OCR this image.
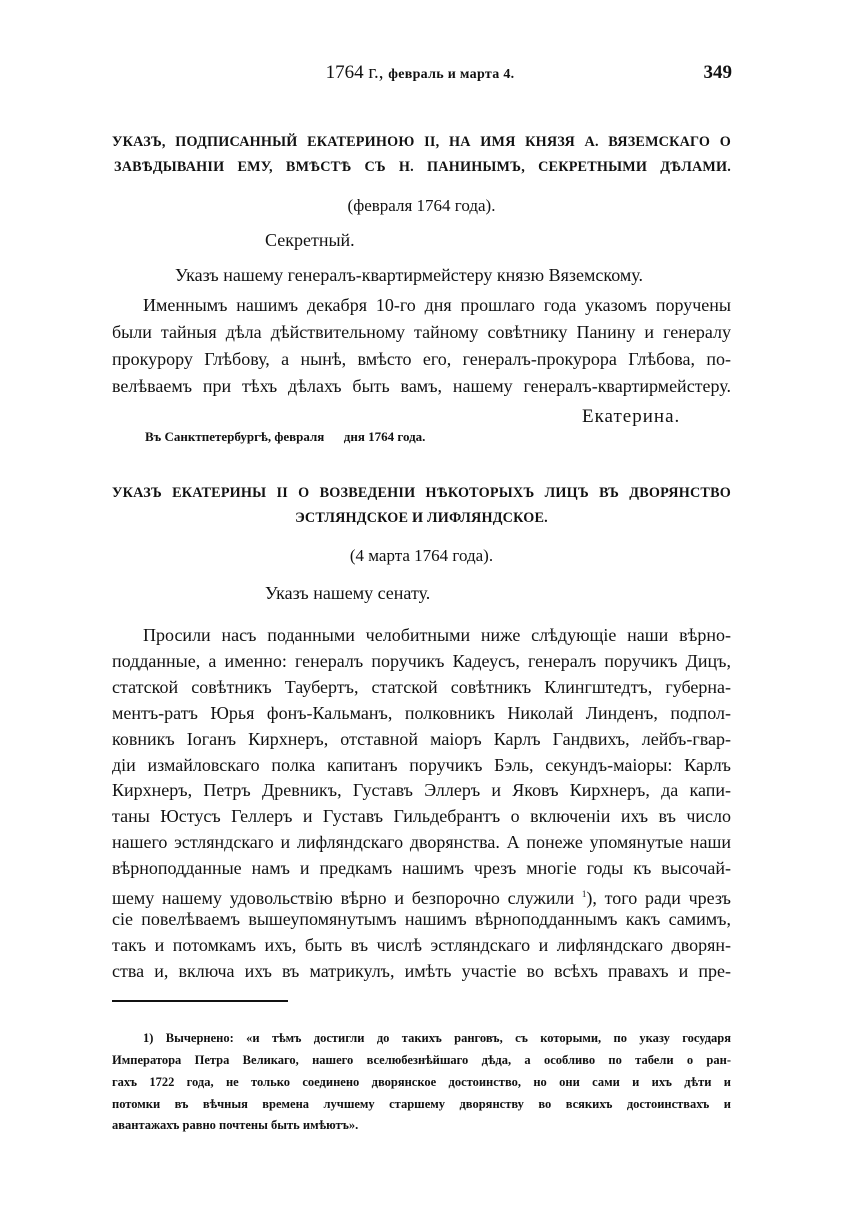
1764 г., февраль и марта 4.	349
УКАЗЪ, ПОДПИСАННЫЙ ЕКАТЕРИНОЮ II, НА ИМЯ КНЯЗЯ А. ВЯЗЕМСКАГО О
ЗАВѢДЫВАНІИ ЕМУ, ВМѢСТѢ СЪ Н. ПАНИНЫМЪ, СЕКРЕТНЫМИ ДѢЛАМИ.
(февраля 1764 года).
Секретный.
Указъ нашему генералъ-квартирмейстеру князю Вяземскому.
Именнымъ нашимъ декабря 10-го дня прошлаго года указомъ поручены
были тайныя дѣла дѣйствительному тайному совѣтнику Панину и генералу
прокурору Глѣбову, а нынѣ, вмѣсто его, генералъ-прокурора Глѣбова, по-
велѣваемъ при тѣхъ дѣлахъ быть вамъ, нашему генералъ-квартирмейстеру.
Екатерина.
Въ Санктпетербургѣ, февраля      дня 1764 года.
УКАЗЪ ЕКАТЕРИНЫ II О ВОЗВЕДЕНІИ НѢКОТОРЫХЪ ЛИЦЪ ВЪ ДВОРЯНСТВО
ЭСТЛЯНДСКОЕ И ЛИФЛЯНДСКОЕ.
(4 марта 1764 года).
Указъ нашему сенату.
Просили насъ поданными челобитными ниже слѣдующіе наши вѣрно-
подданные, а именно: генералъ поручикъ Кадеусъ, генералъ поручикъ Дицъ,
статской совѣтникъ Таубертъ, статской совѣтникъ Клингштедтъ, губерна-
ментъ-ратъ Юрья фонъ-Кальманъ, полковникъ Николай Линденъ, подпол-
ковникъ Іоганъ Кирхнеръ, отставной маіоръ Карлъ Гандвихъ, лейбъ-гвар-
діи измайловскаго полка капитанъ поручикъ Бэль, секундъ-маіоры: Карлъ
Кирхнеръ, Петръ Древникъ, Густавъ Эллеръ и Яковъ Кирхнеръ, да капи-
таны Юстусъ Геллеръ и Густавъ Гильдебрантъ о включеніи ихъ въ число
нашего эстляндскаго и лифляндскаго дворянства. А понеже упомянутые наши
вѣрноподданные намъ и предкамъ нашимъ чрезъ многіе годы къ высочай-
шему нашему удовольствію вѣрно и безпорочно служили $^1$), того ради чрезъ
сіе повелѣваемъ вышеупомянутымъ нашимъ вѣрноподданнымъ какъ самимъ,
такъ и потомкамъ ихъ, быть въ числѣ эстляндскаго и лифляндскаго дворян-
ства и, включа ихъ въ матрикулъ, имѣть участіе во всѣхъ правахъ и пре-
1) Вычернено: «и тѣмъ достигли до такихъ ранговъ, съ которыми, по указу государя
Императора Петра Великаго, нашего вселюбезнѣйшаго дѣда, а особливо по табели о ран-
гахъ 1722 года, не только соединено дворянское достоинство, но они сами и ихъ дѣти и
потомки въ вѣчныя времена лучшему старшему дворянству во всякихъ достоинствахъ и
авантажахъ равно почтены быть имѣютъ».
